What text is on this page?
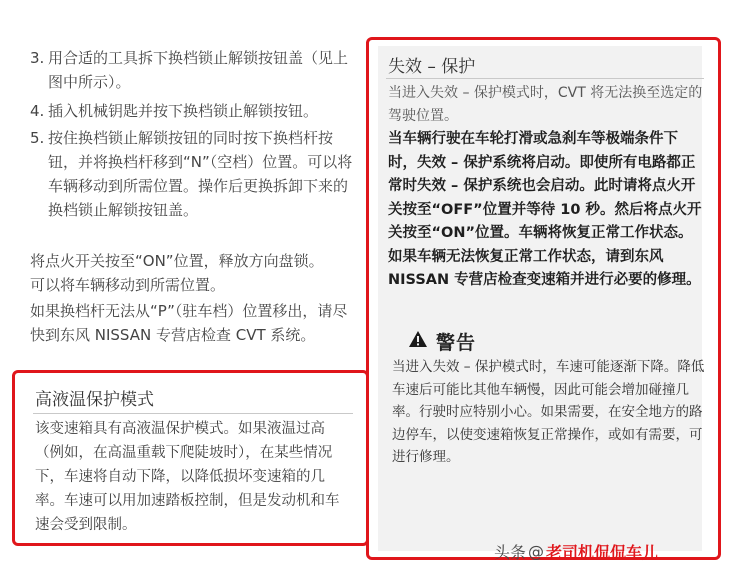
3. 用合适的工具拆下换档锁止解锁按钮盖（见上图中所示）。
4. 插入机械钥匙并按下换档锁止解锁按钮。
5. 按住换档锁止解锁按钮的同时按下换档杆按钮，并将换档杆移到“N”（空档）位置。可以将车辆移动到所需位置。操作后更换拆卸下来的换档锁止解锁按钮盖。
将点火开关按至“ON”位置，释放方向盘锁。
可以将车辆移动到所需位置。
如果换档杆无法从“P”（驻车档）位置移出，请尽快到东风 NISSAN 专营店检查 CVT 系统。
高液温保护模式
该变速箱具有高液温保护模式。如果液温过高（例如，在高温重载下爬陡坡时），在某些情况下，车速将自动下降，以降低损坏变速箱的几率。车速可以用加速踏板控制，但是发动机和车速会受到限制。
失效 – 保护
当进入失效 – 保护模式时，CVT 将无法换至选定的驾驶位置。
当车辆行驶在车轮打滑或急刹车等极端条件下时，失效 – 保护系统将启动。即使所有电路都正常时失效 – 保护系统也会启动。此时请将点火开关按至“OFF”位置并等待 10 秒。然后将点火开关按至“ON”位置。车辆将恢复正常工作状态。如果车辆无法恢复正常工作状态，请到东风 NISSAN 专营店检查变速箱并进行必要的修理。
警告
当进入失效 – 保护模式时，车速可能逐渐下降。降低车速后可能比其他车辆慢，因此可能会增加碰撞几率。行驶时应特别小心。如果需要，在安全地方的路边停车，以使变速箱恢复正常操作，或如有需要，可进行修理。
头条 @ 老司机侃侃车儿
